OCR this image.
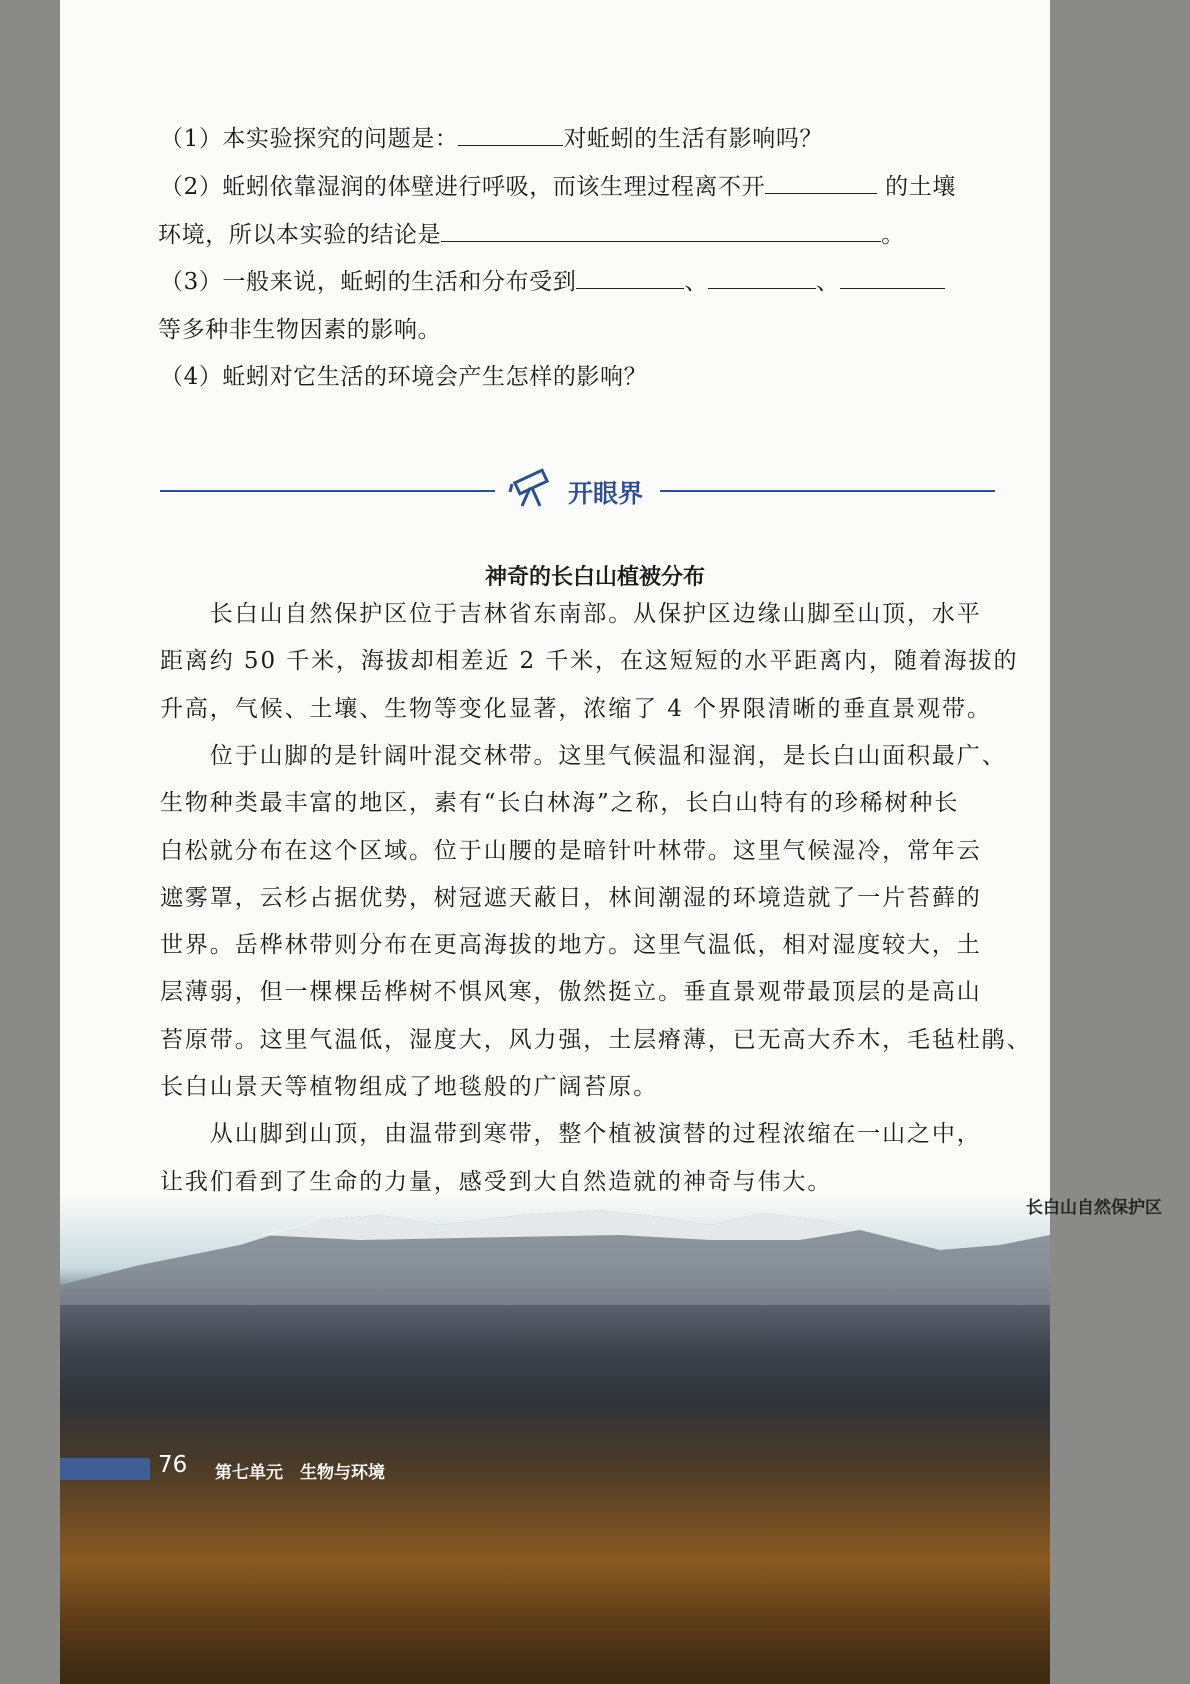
（1）本实验探究的问题是：	对蚯蚓的生活有影响吗？
（2）蚯蚓依靠湿润的体壁进行呼吸，而该生理过程离不开	的土壤
环境，所以本实验的结论是	。
（3）一般来说，蚯蚓的生活和分布受到	、	、
等多种非生物因素的影响。
（4）蚯蚓对它生活的环境会产生怎样的影响？
开眼界
神奇的长白山植被分布
　　长白山自然保护区位于吉林省东南部。从保护区边缘山脚至山顶，水平
距离约 50 千米，海拔却相差近 2 千米，在这短短的水平距离内，随着海拔的
升高，气候、土壤、生物等变化显著，浓缩了 4 个界限清晰的垂直景观带。
　　位于山脚的是针阔叶混交林带。这里气候温和湿润，是长白山面积最广、
生物种类最丰富的地区，素有“长白林海”之称，长白山特有的珍稀树种长
白松就分布在这个区域。位于山腰的是暗针叶林带。这里气候湿冷，常年云
遮雾罩，云杉占据优势，树冠遮天蔽日，林间潮湿的环境造就了一片苔藓的
世界。岳桦林带则分布在更高海拔的地方。这里气温低，相对湿度较大，土
层薄弱，但一棵棵岳桦树不惧风寒，傲然挺立。垂直景观带最顶层的是高山
苔原带。这里气温低，湿度大，风力强，土层瘠薄，已无高大乔木，毛毡杜鹃、
长白山景天等植物组成了地毯般的广阔苔原。
　　从山脚到山顶，由温带到寒带，整个植被演替的过程浓缩在一山之中，
让我们看到了生命的力量，感受到大自然造就的神奇与伟大。
长白山自然保护区
76 第七单元　生物与环境
